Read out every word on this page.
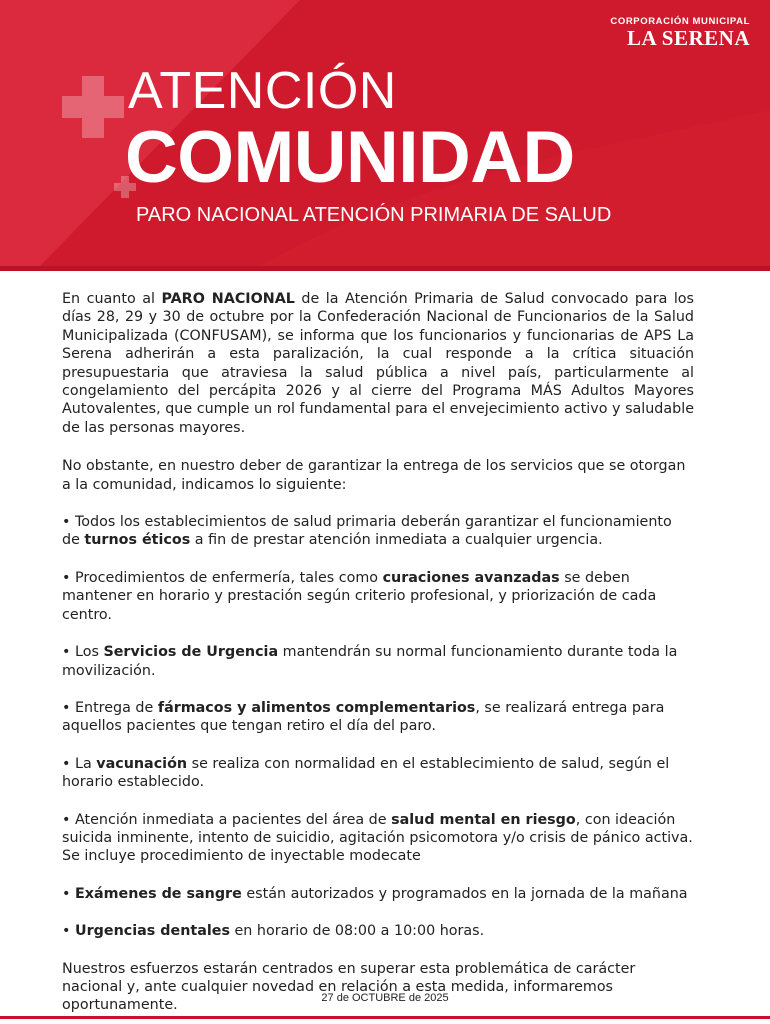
CORPORACIÓN MUNICIPAL
LA SERENA
ATENCIÓN
COMUNIDAD
PARO NACIONAL ATENCIÓN PRIMARIA DE SALUD

En cuanto al PARO NACIONAL de la Atención Primaria de Salud convocado para los días 28, 29 y 30 de octubre por la Confederación Nacional de Funcionarios de la Salud Municipalizada (CONFUSAM), se informa que los funcionarios y funcionarias de APS La Serena adherirán a esta paralización, la cual responde a la crítica situación presupuestaria que atraviesa la salud pública a nivel país, particularmente al congelamiento del percápita 2026 y al cierre del Programa MÁS Adultos Mayores Autovalentes, que cumple un rol fundamental para el envejecimiento activo y saludable de las personas mayores.

No obstante, en nuestro deber de garantizar la entrega de los servicios que se otorgan a la comunidad, indicamos lo siguiente:

• Todos los establecimientos de salud primaria deberán garantizar el funcionamiento de turnos éticos a fin de prestar atención inmediata a cualquier urgencia.

• Procedimientos de enfermería, tales como curaciones avanzadas se deben mantener en horario y prestación según criterio profesional, y priorización de cada centro.

• Los Servicios de Urgencia mantendrán su normal funcionamiento durante toda la movilización.

• Entrega de fármacos y alimentos complementarios, se realizará entrega para aquellos pacientes que tengan retiro el día del paro.

• La vacunación se realiza con normalidad en el establecimiento de salud, según el horario establecido.

• Atención inmediata a pacientes del área de salud mental en riesgo, con ideación suicida inminente, intento de suicidio, agitación psicomotora y/o crisis de pánico activa. Se incluye procedimiento de inyectable modecate

• Exámenes de sangre están autorizados y programados en la jornada de la mañana

• Urgencias dentales en horario de 08:00 a 10:00 horas.

Nuestros esfuerzos estarán centrados en superar esta problemática de carácter nacional y, ante cualquier novedad en relación a esta medida, informaremos oportunamente.	27 de OCTUBRE de 2025
